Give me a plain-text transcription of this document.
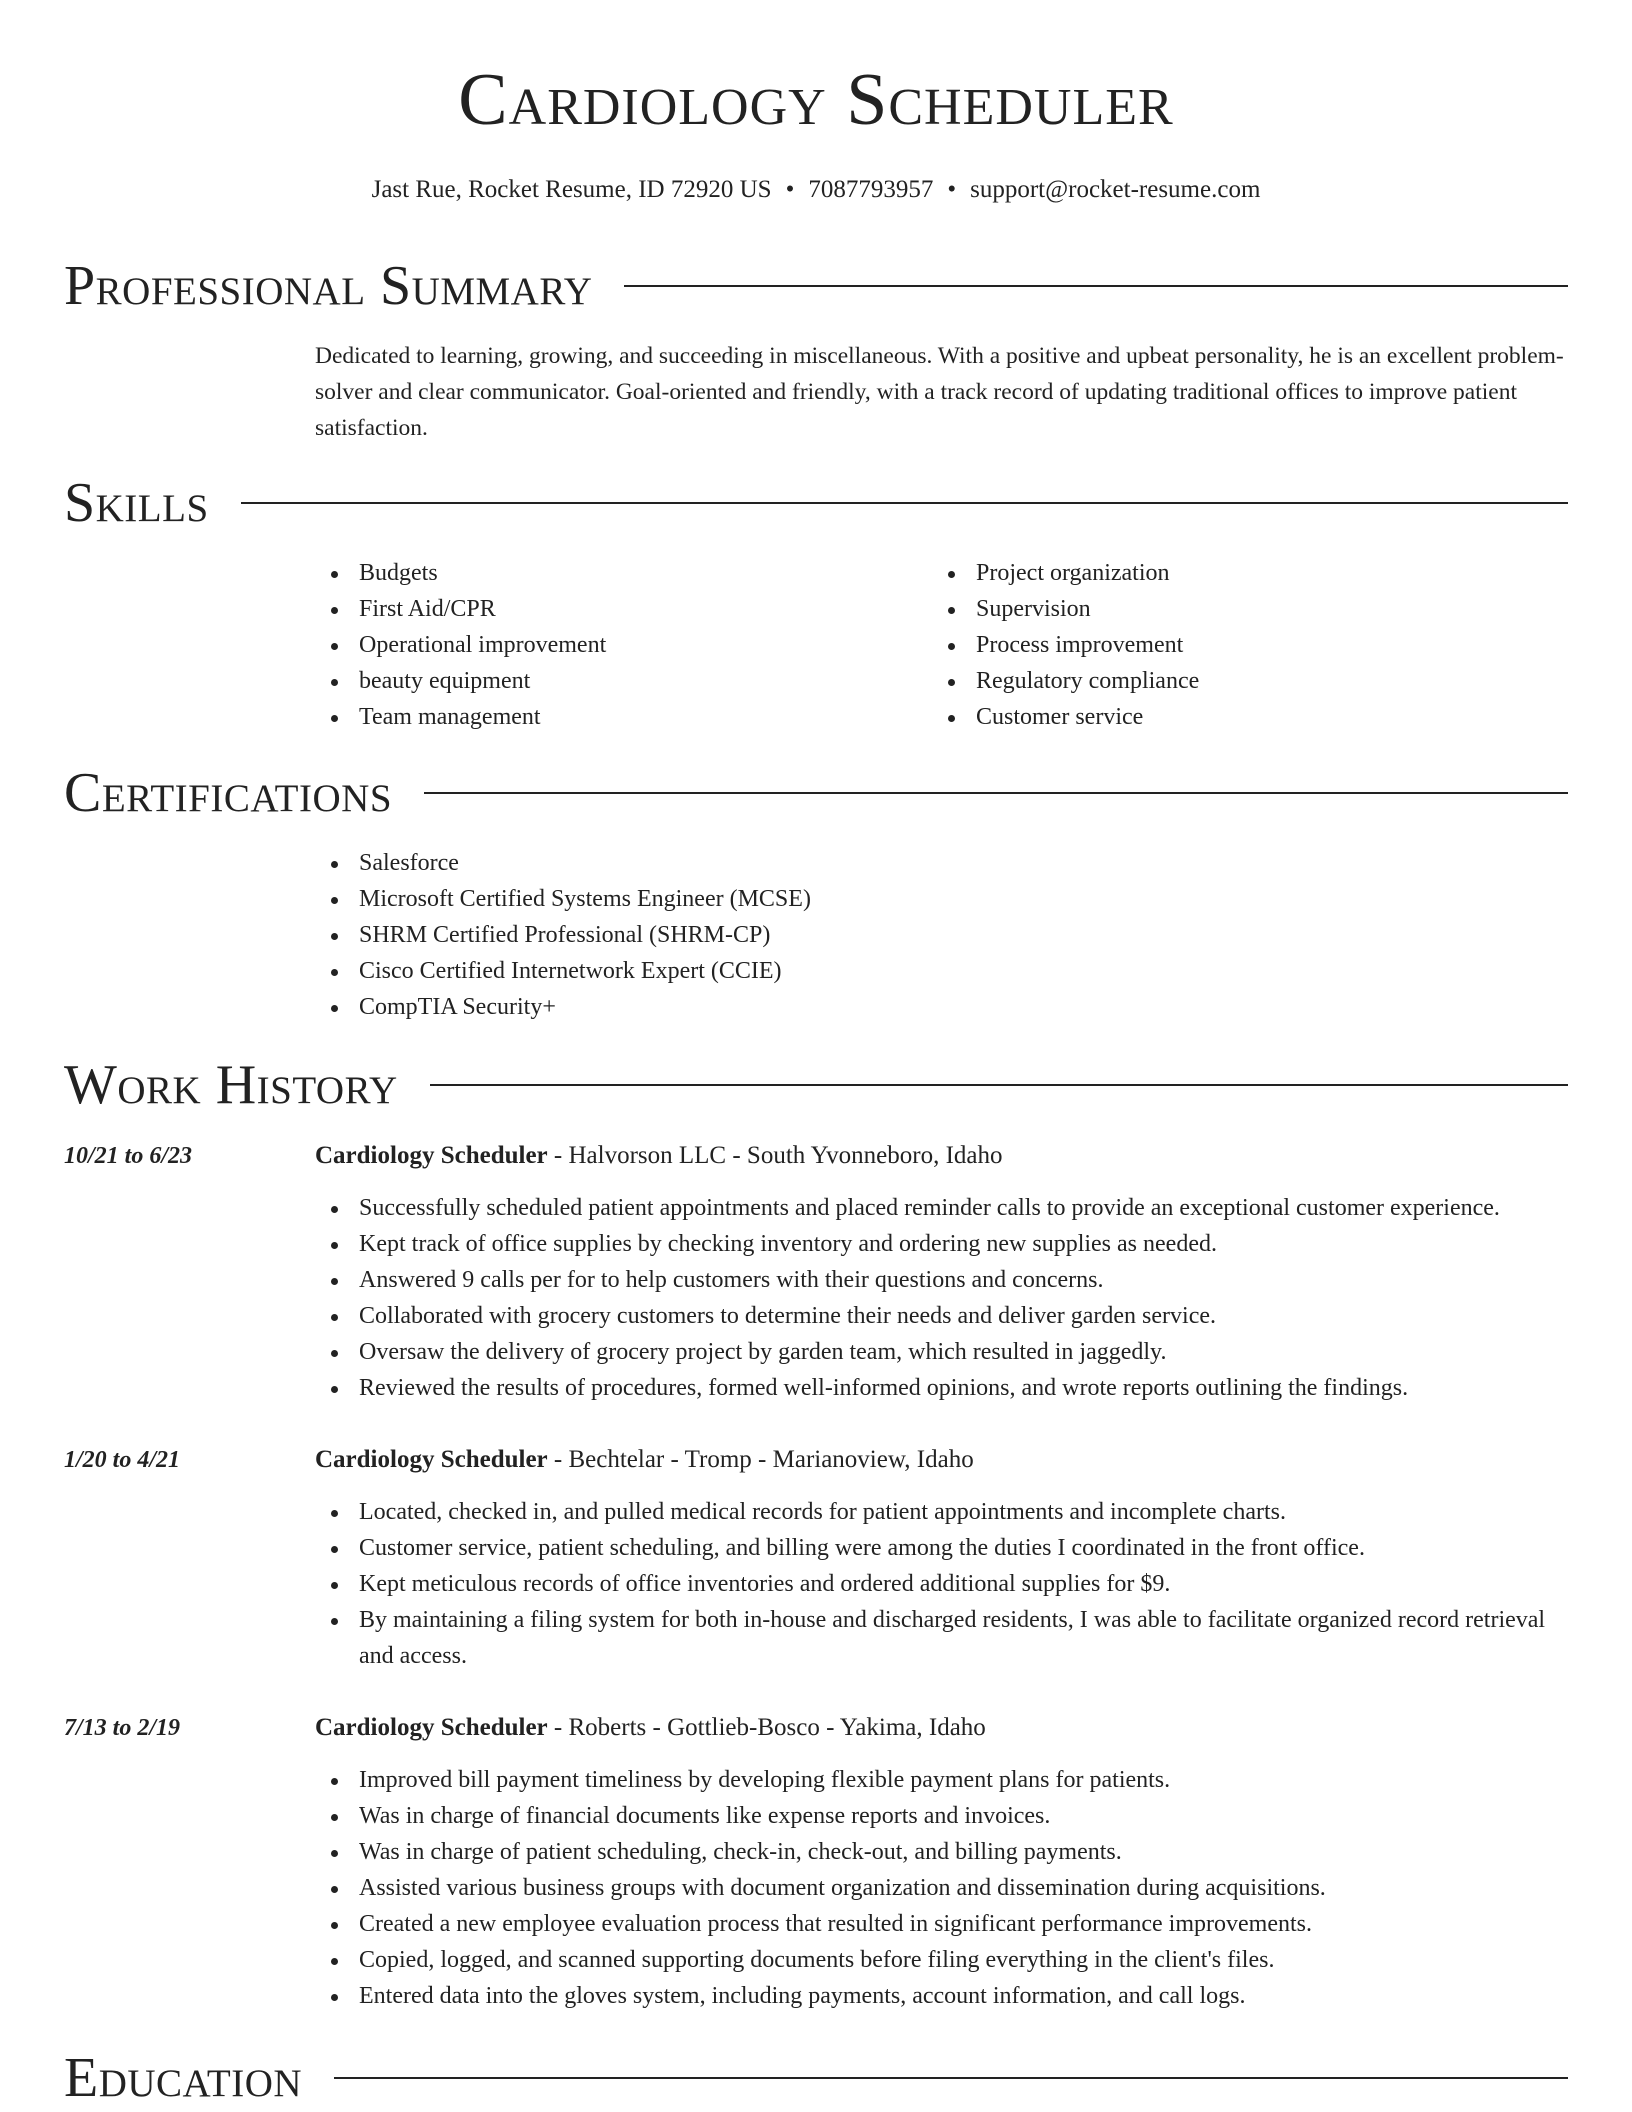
Cardiology Scheduler
Jast Rue, Rocket Resume, ID 72920 US • 7087793957 • support@rocket-resume.com
Professional Summary

Dedicated to learning, growing, and succeeding in miscellaneous. With a positive and upbeat personality, he is an excellent problem-solver and clear communicator. Goal-oriented and friendly, with a track record of updating traditional offices to improve patient satisfaction.

Skills
Budgets
First Aid/CPR
Operational improvement
beauty equipment
Team management
Project organization
Supervision
Process improvement
Regulatory compliance
Customer service
Certifications
Salesforce
Microsoft Certified Systems Engineer (MCSE)
SHRM Certified Professional (SHRM-CP)
Cisco Certified Internetwork Expert (CCIE)
CompTIA Security+
Work History
10/21 to 6/23	Cardiology Scheduler - Halvorson LLC - South Yvonneboro, Idaho
Successfully scheduled patient appointments and placed reminder calls to provide an exceptional customer experience.
Kept track of office supplies by checking inventory and ordering new supplies as needed.
Answered 9 calls per for to help customers with their questions and concerns.
Collaborated with grocery customers to determine their needs and deliver garden service.
Oversaw the delivery of grocery project by garden team, which resulted in jaggedly.
Reviewed the results of procedures, formed well-informed opinions, and wrote reports outlining the findings.
1/20 to 4/21	Cardiology Scheduler - Bechtelar - Tromp - Marianoview, Idaho
Located, checked in, and pulled medical records for patient appointments and incomplete charts.
Customer service, patient scheduling, and billing were among the duties I coordinated in the front office.
Kept meticulous records of office inventories and ordered additional supplies for $9.
By maintaining a filing system for both in-house and discharged residents, I was able to facilitate organized record retrieval and access.
7/13 to 2/19	Cardiology Scheduler - Roberts - Gottlieb-Bosco - Yakima, Idaho
Improved bill payment timeliness by developing flexible payment plans for patients.
Was in charge of financial documents like expense reports and invoices.
Was in charge of patient scheduling, check-in, check-out, and billing payments.
Assisted various business groups with document organization and dissemination during acquisitions.
Created a new employee evaluation process that resulted in significant performance improvements.
Copied, logged, and scanned supporting documents before filing everything in the client's files.
Entered data into the gloves system, including payments, account information, and call logs.
Education
